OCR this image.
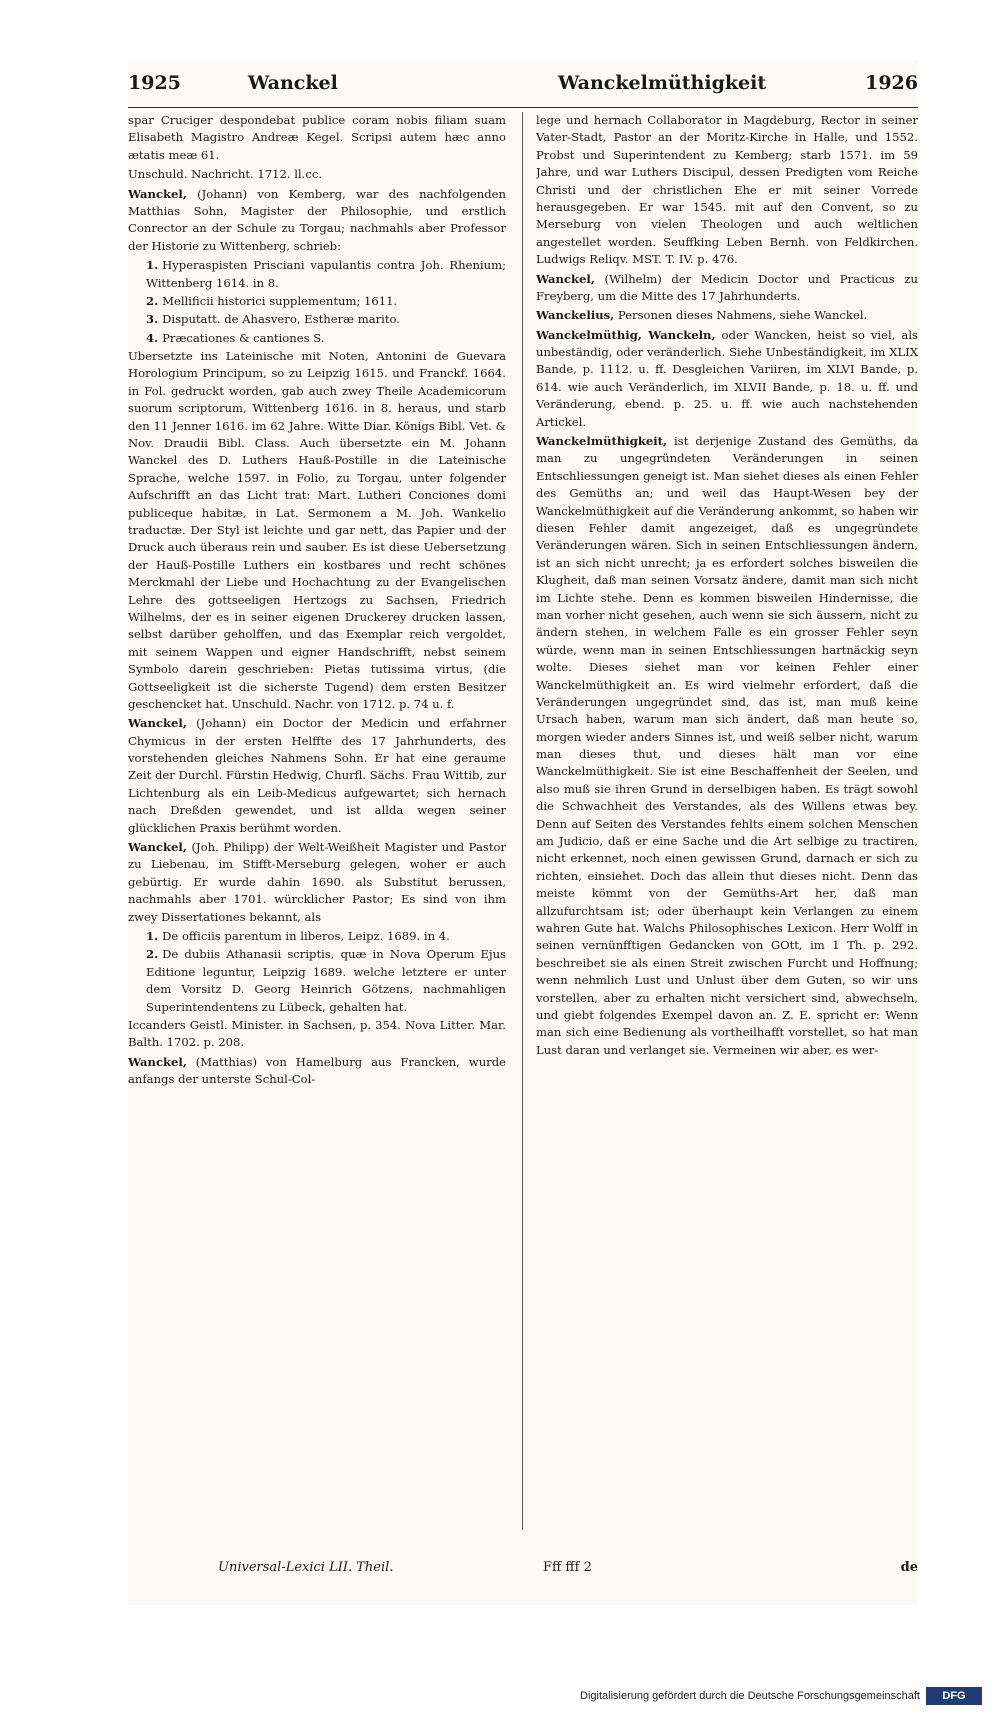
1925	Wanckel	Wanckelmüthigkeit	1926

spar Cruciger despondebat publice coram nobis filiam suam Elisabeth Magistro Andreæ Kegel. Scripsi autem hæc anno ætatis meæ 61.

Unschuld. Nachricht. 1712. ll.cc.

Wanckel, (Johann) von Kemberg, war des nachfolgenden Matthias Sohn, Magister der Philosophie, und erstlich Conrector an der Schule zu Torgau; nachmahls aber Professor der Historie zu Wittenberg, schrieb:

1. Hyperaspisten Prisciani vapulantis contra Joh. Rhenium; Wittenberg 1614. in 8.

2. Mellificii historici supplementum; 1611.

3. Disputatt. de Ahasvero, Estheræ marito.

4. Præcationes & cantiones S.

Ubersetzte ins Lateinische mit Noten, Antonini de Guevara Horologium Principum, so zu Leipzig 1615. und Franckf. 1664. in Fol. gedruckt worden, gab auch zwey Theile Academicorum suorum scriptorum, Wittenberg 1616. in 8. heraus, und starb den 11 Jenner 1616. im 62 Jahre. Witte Diar. Königs Bibl. Vet. & Nov. Draudii Bibl. Class. Auch übersetzte ein M. Johann Wanckel des D. Luthers Hauß-Postille in die Lateinische Sprache, welche 1597. in Folio, zu Torgau, unter folgender Aufschrifft an das Licht trat: Mart. Lutheri Conciones domi publiceque habitæ, in Lat. Sermonem a M. Joh. Wankelio traductæ. Der Styl ist leichte und gar nett, das Papier und der Druck auch überaus rein und sauber. Es ist diese Uebersetzung der Hauß-Postille Luthers ein kostbares und recht schönes Merckmahl der Liebe und Hochachtung zu der Evangelischen Lehre des gottseeligen Hertzogs zu Sachsen, Friedrich Wilhelms, der es in seiner eigenen Druckerey drucken lassen, selbst darüber geholffen, und das Exemplar reich vergoldet, mit seinem Wappen und eigner Handschrifft, nebst seinem Symbolo darein geschrieben: Pietas tutissima virtus, (die Gottseeligkeit ist die sicherste Tugend) dem ersten Besitzer geschencket hat. Unschuld. Nachr. von 1712. p. 74 u. f.

Wanckel, (Johann) ein Doctor der Medicin und erfahrner Chymicus in der ersten Helffte des 17 Jahrhunderts, des vorstehenden gleiches Nahmens Sohn. Er hat eine geraume Zeit der Durchl. Fürstin Hedwig, Churfl. Sächs. Frau Wittib, zur Lichtenburg als ein Leib-Medicus aufgewartet; sich hernach nach Dreßden gewendet, und ist allda wegen seiner glücklichen Praxis berühmt worden.

Wanckel, (Joh. Philipp) der Welt-Weißheit Magister und Pastor zu Liebenau, im Stifft-Merseburg gelegen, woher er auch gebürtig. Er wurde dahin 1690. als Substitut berussen, nachmahls aber 1701. würcklicher Pastor; Es sind von ihm zwey Dissertationes bekannt, als

1. De officiis parentum in liberos, Leipz. 1689. in 4.

2. De dubiis Athanasii scriptis, quæ in Nova Operum Ejus Editione leguntur, Leipzig 1689. welche letztere er unter dem Vorsitz D. Georg Heinrich Götzens, nachmahligen Superintendentens zu Lübeck, gehalten hat.

Iccanders Geistl. Minister. in Sachsen, p. 354. Nova Litter. Mar. Balth. 1702. p. 208.

Wanckel, (Matthias) von Hamelburg aus Francken, wurde anfangs der unterste Schul-Col-

lege und hernach Collaborator in Magdeburg, Rector in seiner Vater-Stadt, Pastor an der Moritz-Kirche in Halle, und 1552. Probst und Superintendent zu Kemberg; starb 1571. im 59 Jahre, und war Luthers Discipul, dessen Predigten vom Reiche Christi und der christlichen Ehe er mit seiner Vorrede herausgegeben. Er war 1545. mit auf den Convent, so zu Merseburg von vielen Theologen und auch weltlichen angestellet worden. Seuffking Leben Bernh. von Feldkirchen. Ludwigs Reliqv. MST. T. IV. p. 476.

Wanckel, (Wilhelm) der Medicin Doctor und Practicus zu Freyberg, um die Mitte des 17 Jahrhunderts.

Wanckelius, Personen dieses Nahmens, siehe Wanckel.

Wanckelmüthig, Wanckeln, oder Wancken, heist so viel, als unbeständig, oder veränderlich. Siehe Unbeständigkeit, im XLIX Bande, p. 1112. u. ff. Desgleichen Variiren, im XLVI Bande, p. 614. wie auch Veränderlich, im XLVII Bande, p. 18. u. ff. und Veränderung, ebend. p. 25. u. ff. wie auch nachstehenden Artickel.

Wanckelmüthigkeit, ist derjenige Zustand des Gemüths, da man zu ungegründeten Veränderungen in seinen Entschliessungen geneigt ist. Man siehet dieses als einen Fehler des Gemüths an; und weil das Haupt-Wesen bey der Wanckelmüthigkeit auf die Veränderung ankommt, so haben wir diesen Fehler damit angezeiget, daß es ungegründete Veränderungen wären. Sich in seinen Entschliessungen ändern, ist an sich nicht unrecht; ja es erfordert solches bisweilen die Klugheit, daß man seinen Vorsatz ändere, damit man sich nicht im Lichte stehe. Denn es kommen bisweilen Hindernisse, die man vorher nicht gesehen, auch wenn sie sich äussern, nicht zu ändern stehen, in welchem Falle es ein grosser Fehler seyn würde, wenn man in seinen Entschliessungen hartnäckig seyn wolte. Dieses siehet man vor keinen Fehler einer Wanckelmüthigkeit an. Es wird vielmehr erfordert, daß die Veränderungen ungegründet sind, das ist, man muß keine Ursach haben, warum man sich ändert, daß man heute so, morgen wieder anders Sinnes ist, und weiß selber nicht, warum man dieses thut, und dieses hält man vor eine Wanckelmüthigkeit. Sie ist eine Beschaffenheit der Seelen, und also muß sie ihren Grund in derselbigen haben. Es trägt sowohl die Schwachheit des Verstandes, als des Willens etwas bey. Denn auf Seiten des Verstandes fehlts einem solchen Menschen am Judicio, daß er eine Sache und die Art selbige zu tractiren, nicht erkennet, noch einen gewissen Grund, darnach er sich zu richten, einsiehet. Doch das allein thut dieses nicht. Denn das meiste kömmt von der Gemüths-Art her, daß man allzufurchtsam ist; oder überhaupt kein Verlangen zu einem wahren Gute hat. Walchs Philosophisches Lexicon. Herr Wolff in seinen vernünfftigen Gedancken von GOtt, im 1 Th. p. 292. beschreibet sie als einen Streit zwischen Furcht und Hoffnung; wenn nehmlich Lust und Unlust über dem Guten, so wir uns vorstellen, aber zu erhalten nicht versichert sind, abwechseln, und giebt folgendes Exempel davon an. Z. E. spricht er: Wenn man sich eine Bedienung als vortheilhafft vorstellet, so hat man Lust daran und verlanget sie. Vermeinen wir aber, es wer-

Universal-Lexici LII. Theil.	Fff fff 2	de
Digitalisierung gefördert durch die Deutsche Forschungsgemeinschaft	DFG
